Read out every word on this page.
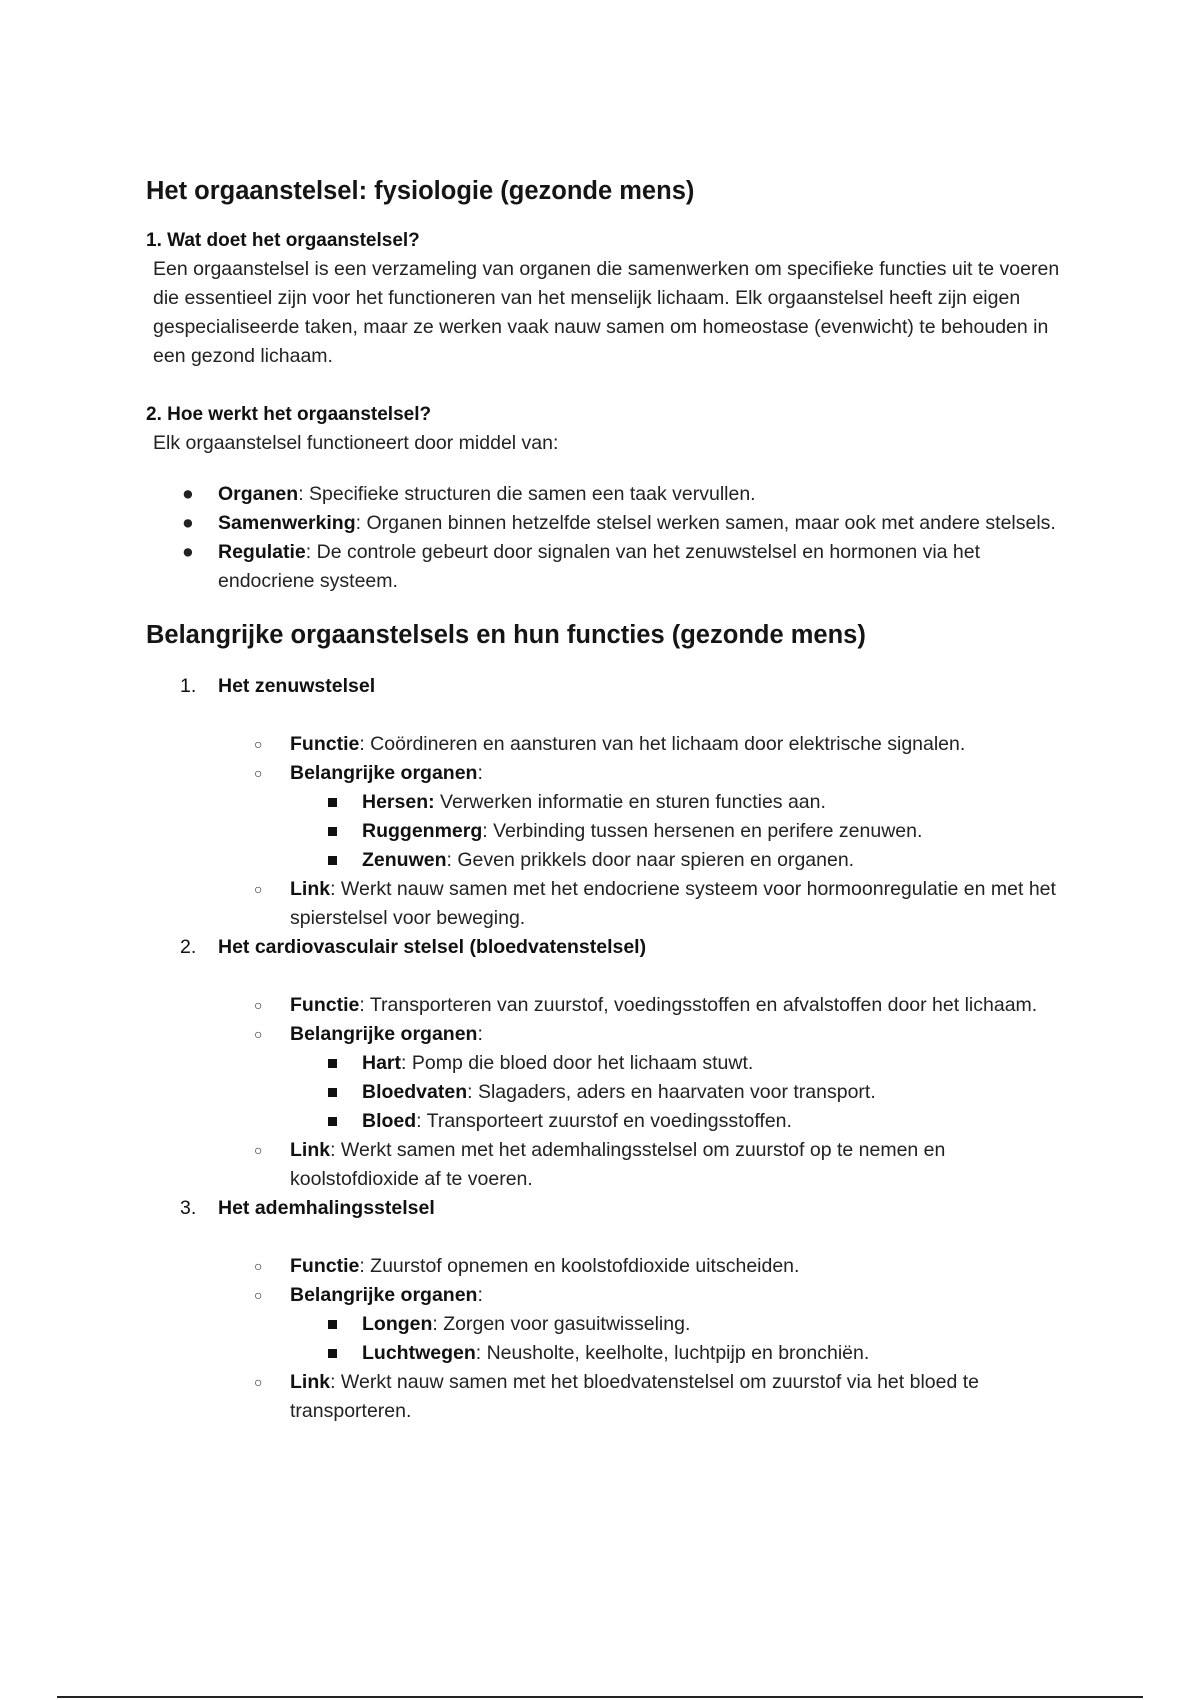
Het orgaanstelsel: fysiologie (gezonde mens)
1. Wat doet het orgaanstelsel?

Een orgaanstelsel is een verzameling van organen die samenwerken om specifieke functies uit te voeren die essentieel zijn voor het functioneren van het menselijk lichaam. Elk orgaanstelsel heeft zijn eigen gespecialiseerde taken, maar ze werken vaak nauw samen om homeostase (evenwicht) te behouden in een gezond lichaam.

2. Hoe werkt het orgaanstelsel?

Elk orgaanstelsel functioneert door middel van:

● Organen: Specifieke structuren die samen een taak vervullen.
● Samenwerking: Organen binnen hetzelfde stelsel werken samen, maar ook met andere stelsels.
● Regulatie: De controle gebeurt door signalen van het zenuwstelsel en hormonen via het endocriene systeem.
Belangrijke orgaanstelsels en hun functies (gezonde mens)
1. Het zenuwstelsel
○ Functie: Coördineren en aansturen van het lichaam door elektrische signalen.
○ Belangrijke organen:
Hersen: Verwerken informatie en sturen functies aan.
Ruggenmerg: Verbinding tussen hersenen en perifere zenuwen.
Zenuwen: Geven prikkels door naar spieren en organen.
○ Link: Werkt nauw samen met het endocriene systeem voor hormoonregulatie en met het spierstelsel voor beweging.
2. Het cardiovasculair stelsel (bloedvatenstelsel)
○ Functie: Transporteren van zuurstof, voedingsstoffen en afvalstoffen door het lichaam.
○ Belangrijke organen:
Hart: Pomp die bloed door het lichaam stuwt.
Bloedvaten: Slagaders, aders en haarvaten voor transport.
Bloed: Transporteert zuurstof en voedingsstoffen.
○ Link: Werkt samen met het ademhalingsstelsel om zuurstof op te nemen en koolstofdioxide af te voeren.
3. Het ademhalingsstelsel
○ Functie: Zuurstof opnemen en koolstofdioxide uitscheiden.
○ Belangrijke organen:
Longen: Zorgen voor gasuitwisseling.
Luchtwegen: Neusholte, keelholte, luchtpijp en bronchiën.
○ Link: Werkt nauw samen met het bloedvatenstelsel om zuurstof via het bloed te transporteren.
